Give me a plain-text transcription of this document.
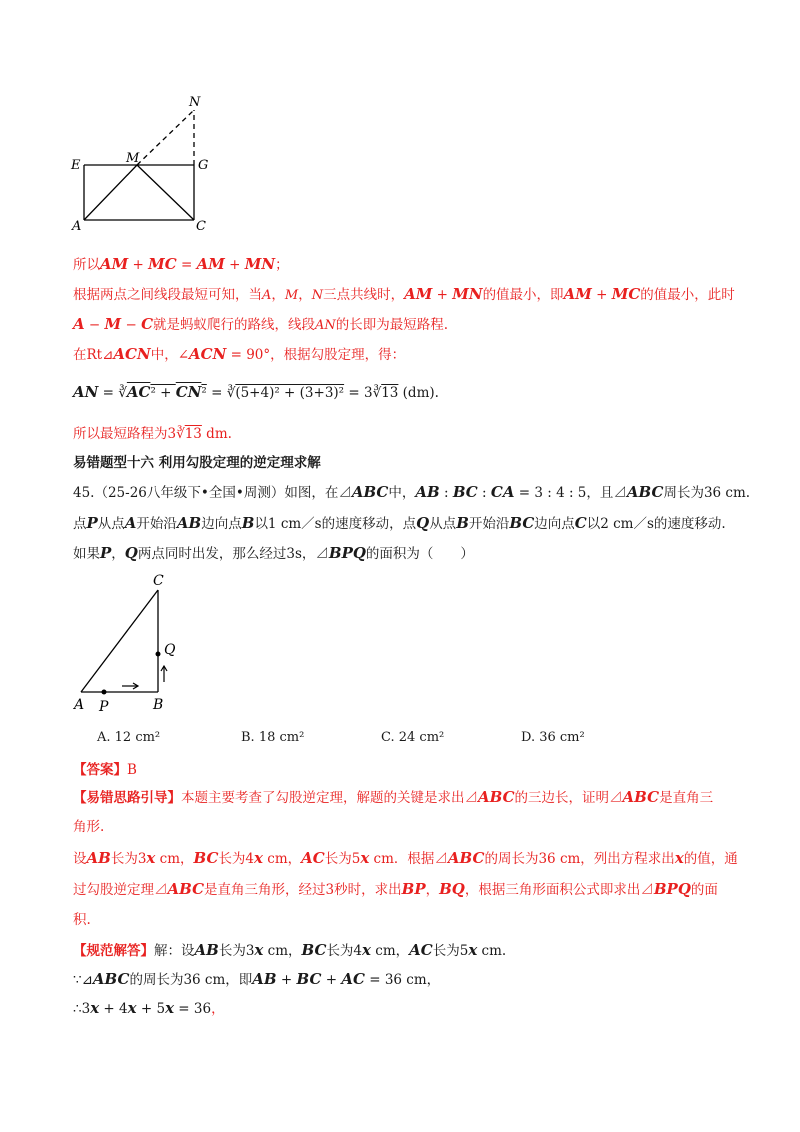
N
E	M	G
A	C
所以AM + MC = AM + MN；
根据两点之间线段最短可知，当A，M，N三点共线时，AM + MN的值最小，即AM + MC的值最小，此时
A − M − C就是蚂蚁爬行的路线，线段AN的长即为最短路程.
在Rt⊿ACN中，∠ACN = 90°，根据勾股定理，得：
AN = ∛AC² + CN² = ∛(5+4)² + (3+3)² = 3∛13 (dm).
所以最短路程为3∛13 dm.
易错题型十六 利用勾股定理的逆定理求解
45.（25-26八年级下•全国•周测）如图，在⊿ABC中，AB : BC : CA = 3 : 4 : 5，且⊿ABC周长为36 cm.
点P从点A开始沿AB边向点B以1 cm／s的速度移动，点Q从点B开始沿BC边向点C以2 cm／s的速度移动.
如果P，Q两点同时出发，那么经过3s，⊿BPQ的面积为（　　）
C
Q
A P	B
A. 12 cm²	B. 18 cm²	C. 24 cm²	D. 36 cm²
【答案】B
【易错思路引导】本题主要考查了勾股逆定理，解题的关键是求出⊿ABC的三边长，证明⊿ABC是直角三
角形.
设AB长为3x cm，BC长为4x cm，AC长为5x cm．根据⊿ABC的周长为36 cm，列出方程求出x的值，通
过勾股逆定理⊿ABC是直角三角形，经过3秒时，求出BP，BQ，根据三角形面积公式即求出⊿BPQ的面
积.
【规范解答】解：设AB长为3x cm，BC长为4x cm，AC长为5x cm.
∵⊿ABC的周长为36 cm，即AB + BC + AC = 36 cm，
∴3x + 4x + 5x = 36，
